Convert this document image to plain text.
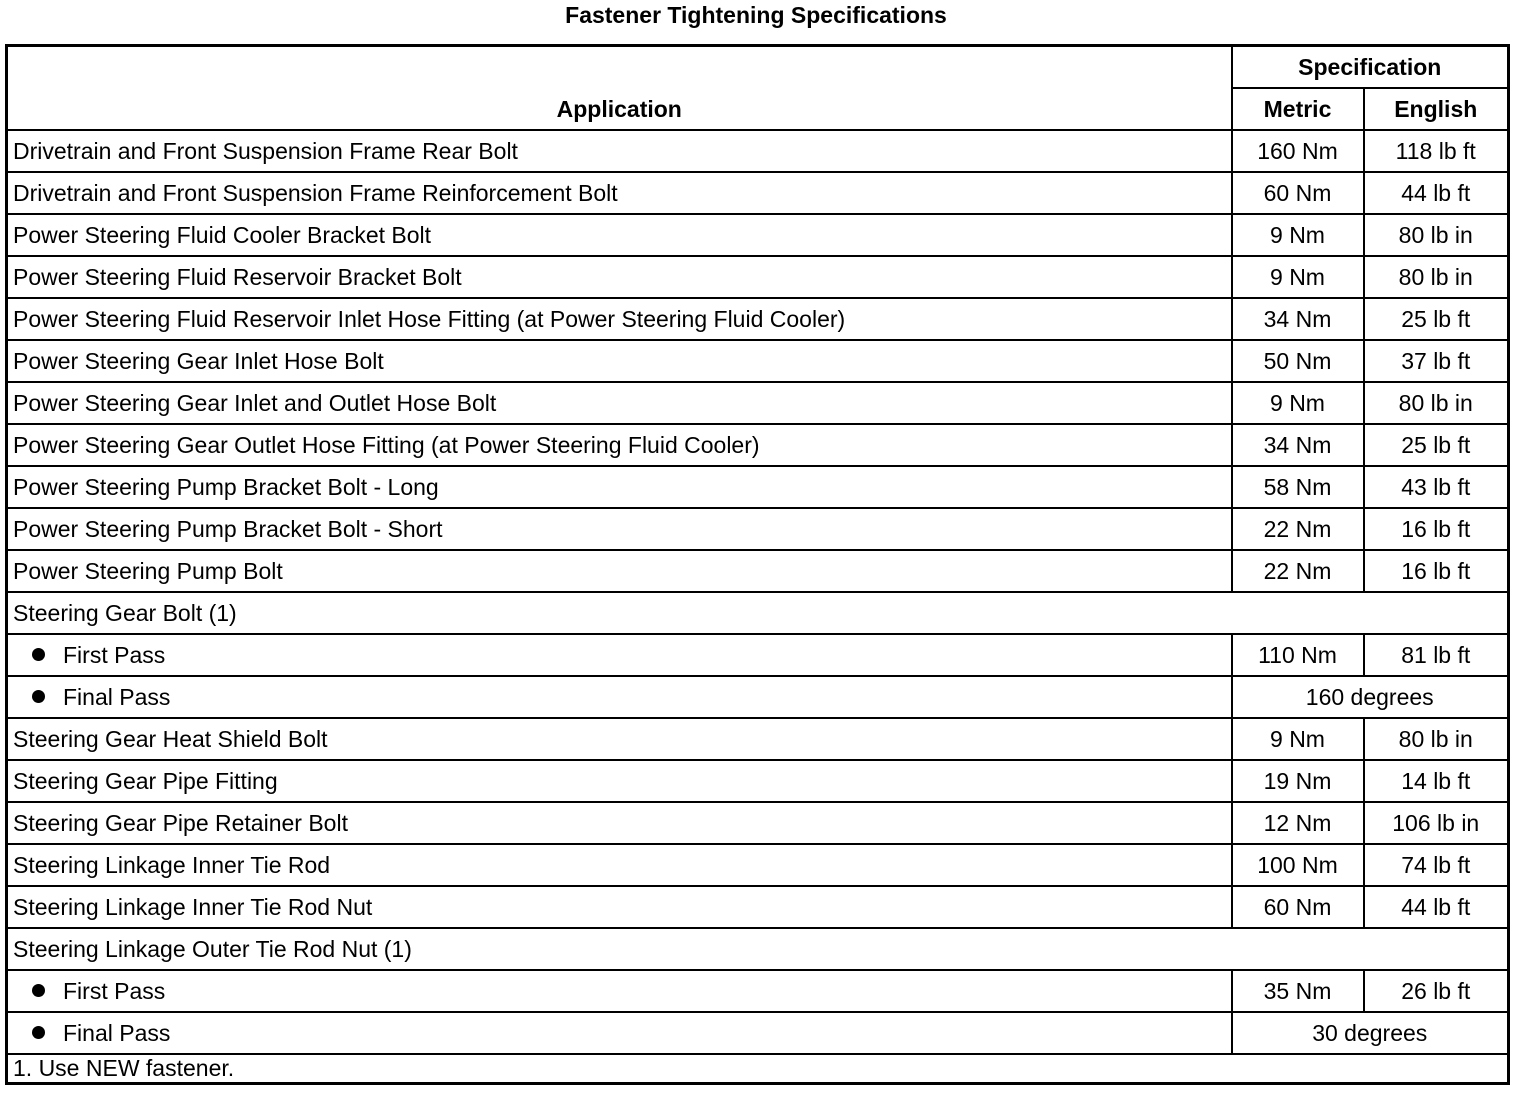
Fastener Tightening Specifications
Application	Specification	
	Metric	English
Drivetrain and Front Suspension Frame Rear Bolt	160 Nm	118 lb ft
Drivetrain and Front Suspension Frame Reinforcement Bolt	60 Nm	44 lb ft
Power Steering Fluid Cooler Bracket Bolt	9 Nm	80 lb in
Power Steering Fluid Reservoir Bracket Bolt	9 Nm	80 lb in
Power Steering Fluid Reservoir Inlet Hose Fitting (at Power Steering Fluid Cooler)	34 Nm	25 lb ft
Power Steering Gear Inlet Hose Bolt	50 Nm	37 lb ft
Power Steering Gear Inlet and Outlet Hose Bolt	9 Nm	80 lb in
Power Steering Gear Outlet Hose Fitting (at Power Steering Fluid Cooler)	34 Nm	25 lb ft
Power Steering Pump Bracket Bolt - Long	58 Nm	43 lb ft
Power Steering Pump Bracket Bolt - Short	22 Nm	16 lb ft
Power Steering Pump Bolt	22 Nm	16 lb ft
Steering Gear Bolt (1)		
First Pass	110 Nm	81 lb ft
Final Pass	160 degrees	
Steering Gear Heat Shield Bolt	9 Nm	80 lb in
Steering Gear Pipe Fitting	19 Nm	14 lb ft
Steering Gear Pipe Retainer Bolt	12 Nm	106 lb in
Steering Linkage Inner Tie Rod	100 Nm	74 lb ft
Steering Linkage Inner Tie Rod Nut	60 Nm	44 lb ft
Steering Linkage Outer Tie Rod Nut (1)		
First Pass	35 Nm	26 lb ft
Final Pass	30 degrees	
1. Use NEW fastener.		
